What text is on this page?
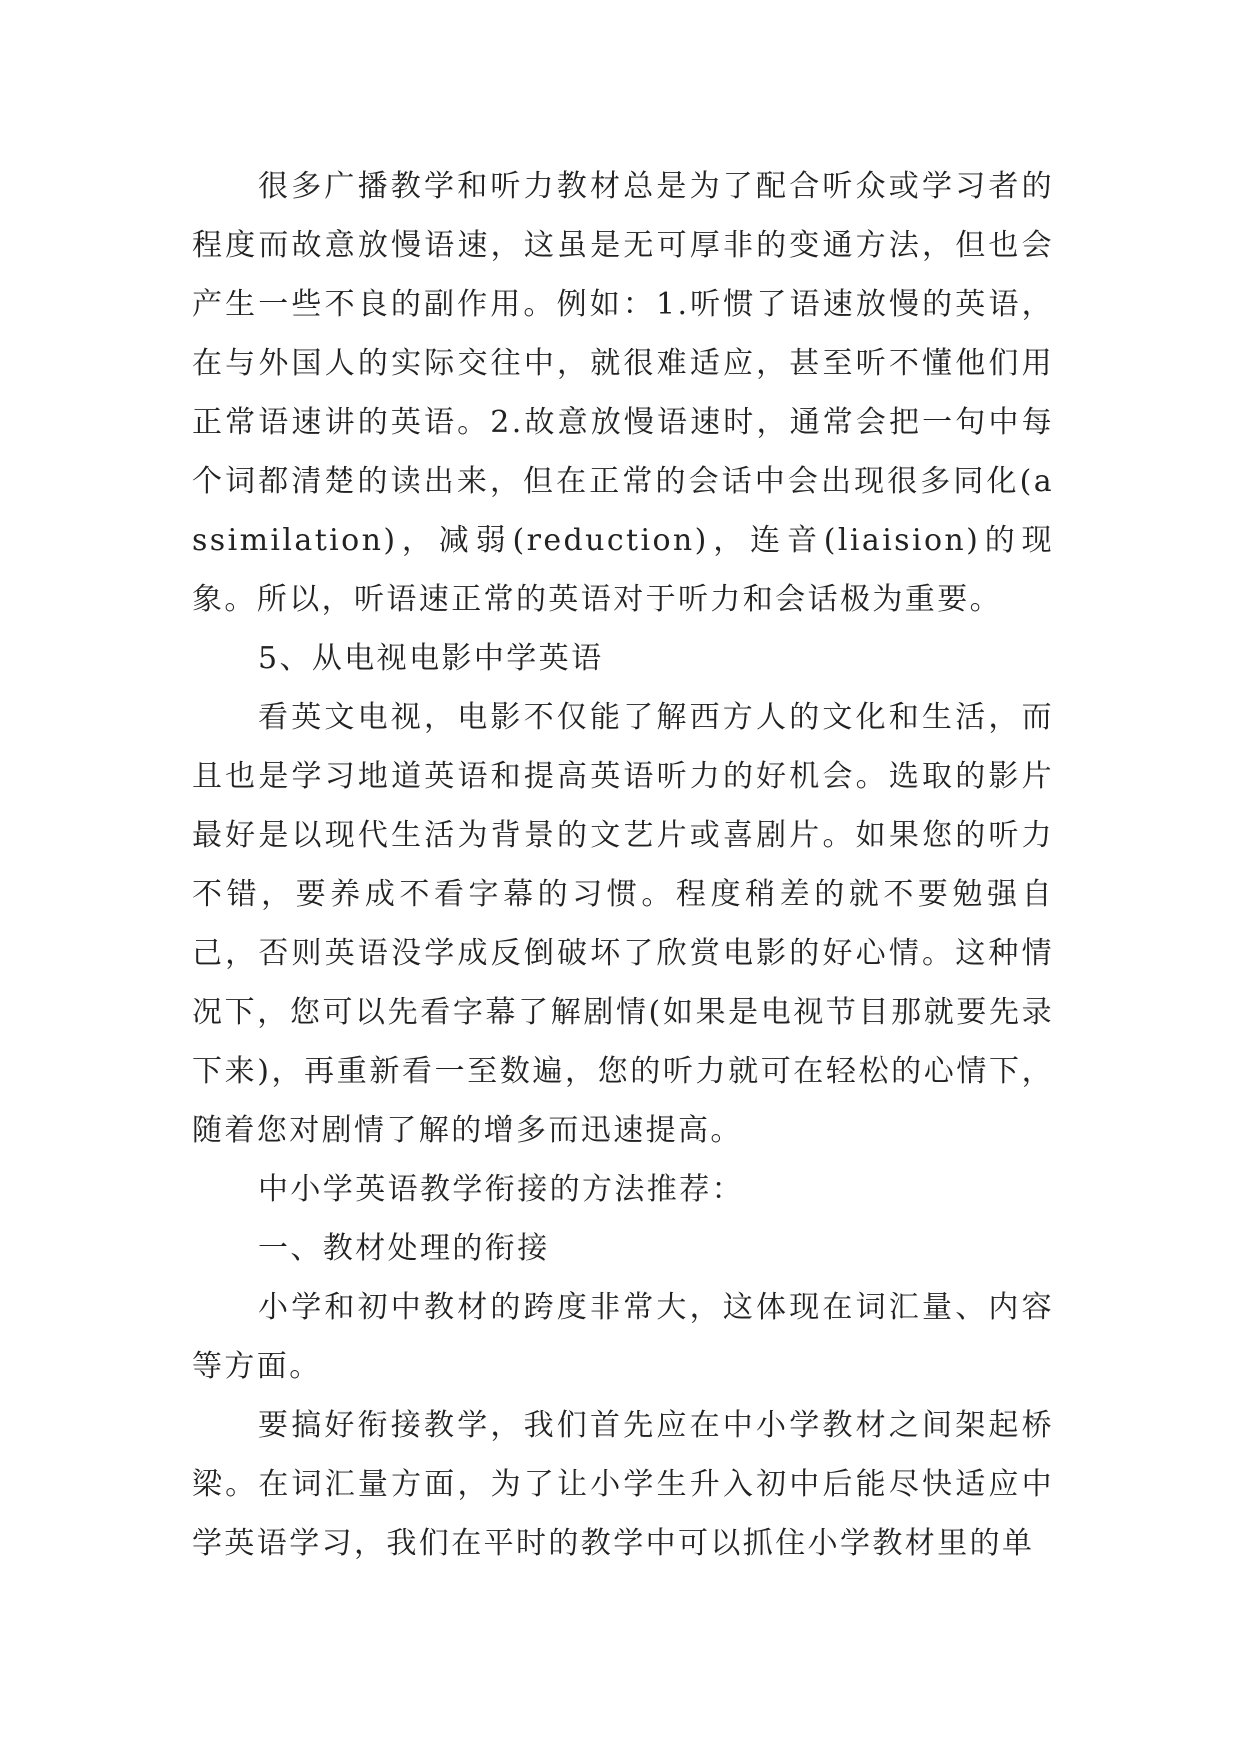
很多广播教学和听力教材总是为了配合听众或学习者的程度而故意放慢语速，这虽是无可厚非的变通方法，但也会产生一些不良的副作用。例如：1.听惯了语速放慢的英语，在与外国人的实际交往中，就很难适应，甚至听不懂他们用正常语速讲的英语。2.故意放慢语速时，通常会把一句中每个词都清楚的读出来，但在正常的会话中会出现很多同化(assimilation)，减弱(reduction)，连音(liaision)的现象。所以，听语速正常的英语对于听力和会话极为重要。

5、从电视电影中学英语

看英文电视，电影不仅能了解西方人的文化和生活，而且也是学习地道英语和提高英语听力的好机会。选取的影片最好是以现代生活为背景的文艺片或喜剧片。如果您的听力不错，要养成不看字幕的习惯。程度稍差的就不要勉强自己，否则英语没学成反倒破坏了欣赏电影的好心情。这种情况下，您可以先看字幕了解剧情(如果是电视节目那就要先录下来)，再重新看一至数遍，您的听力就可在轻松的心情下，随着您对剧情了解的增多而迅速提高。

中小学英语教学衔接的方法推荐：

一、教材处理的衔接

小学和初中教材的跨度非常大，这体现在词汇量、内容等方面。

要搞好衔接教学，我们首先应在中小学教材之间架起桥梁。在词汇量方面，为了让小学生升入初中后能尽快适应中学英语学习，我们在平时的教学中可以抓住小学教材里的单
